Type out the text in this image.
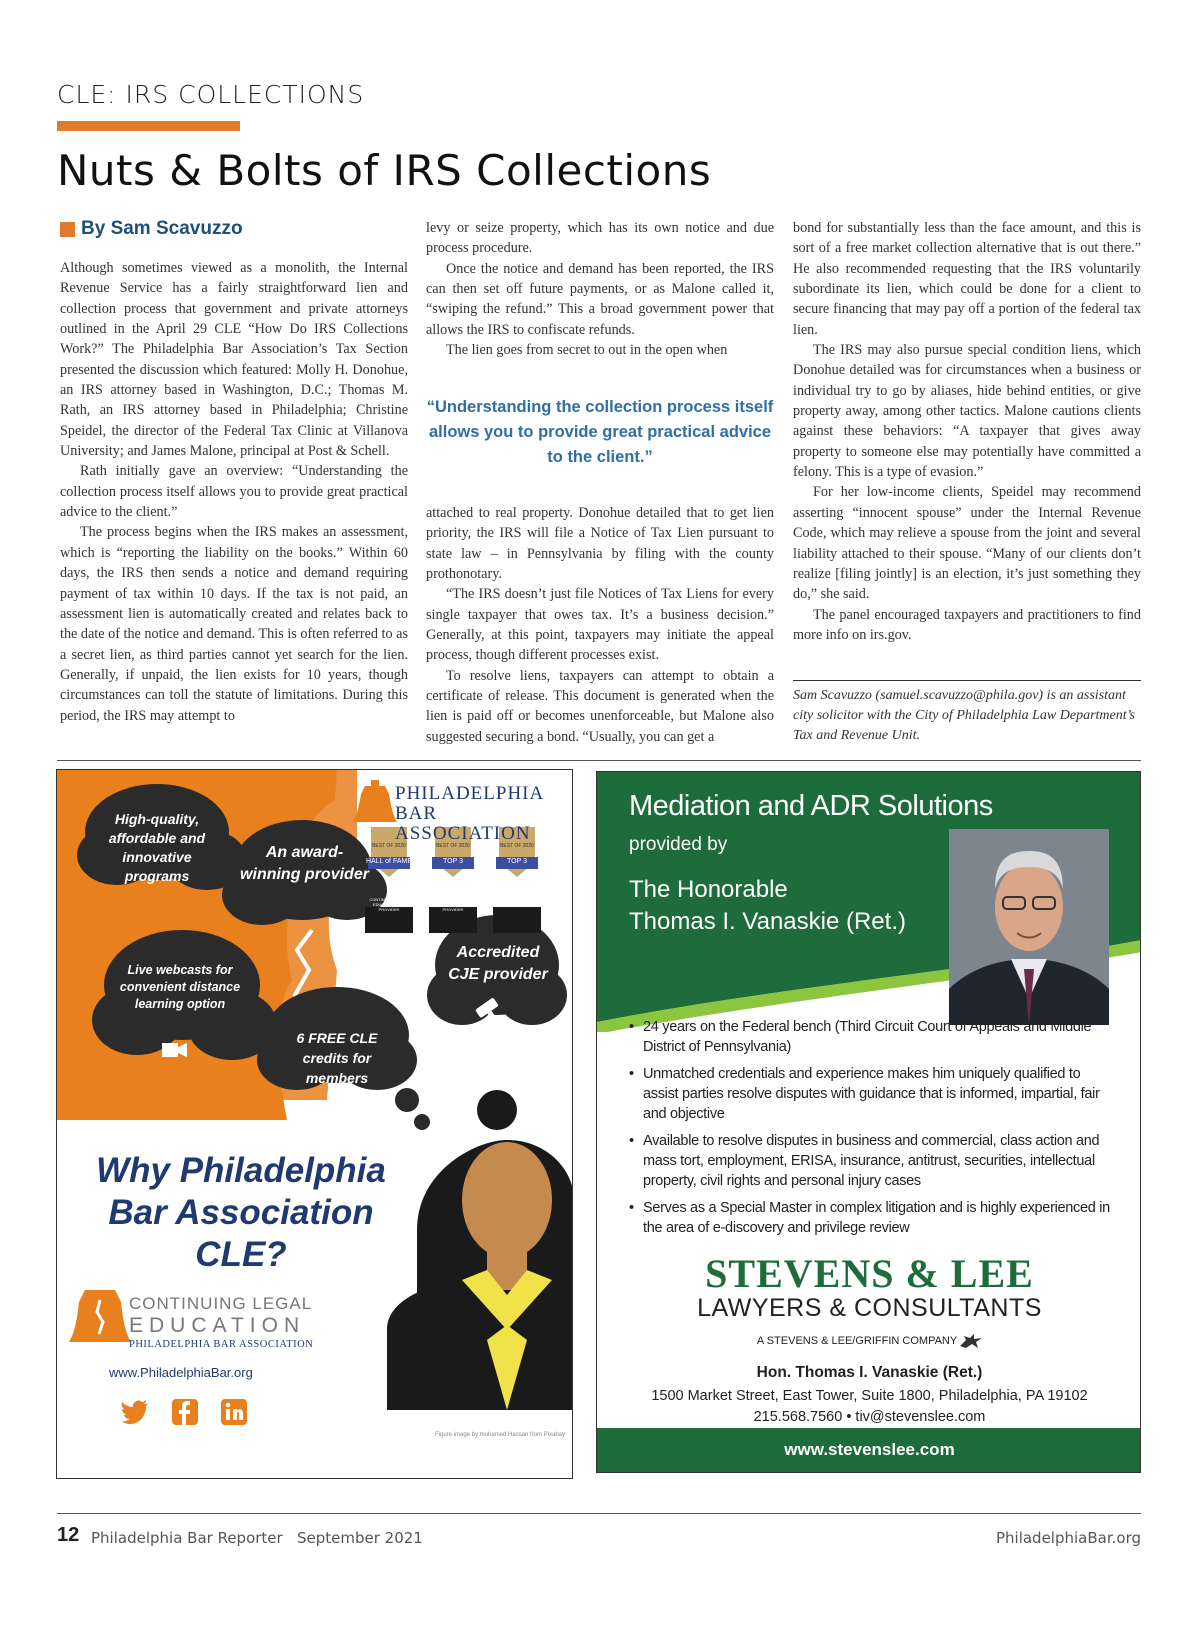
CLE: IRS COLLECTIONS
Nuts & Bolts of IRS Collections
By Sam Scavuzzo

Although sometimes viewed as a monolith, the Internal Revenue Service has a fairly straightforward lien and collection process that government and private attorneys outlined in the April 29 CLE “How Do IRS Collections Work?” The Philadelphia Bar Association’s Tax Section presented the discussion which featured: Molly H. Donohue, an IRS attorney based in Washington, D.C.; Thomas M. Rath, an IRS attorney based in Philadelphia; Christine Speidel, the director of the Federal Tax Clinic at Villanova University; and James Malone, principal at Post & Schell.

Rath initially gave an overview: “Understanding the collection process itself allows you to provide great practical advice to the client.”

The process begins when the IRS makes an assessment, which is “reporting the liability on the books.” Within 60 days, the IRS then sends a notice and demand requiring payment of tax within 10 days. If the tax is not paid, an assessment lien is automatically created and relates back to the date of the notice and demand. This is often referred to as a secret lien, as third parties cannot yet search for the lien. Generally, if unpaid, the lien exists for 10 years, though circumstances can toll the statute of limitations. During this period, the IRS may attempt to

levy or seize property, which has its own notice and due process procedure.

Once the notice and demand has been reported, the IRS can then set off future payments, or as Malone called it, “swiping the refund.” This a broad government power that allows the IRS to confiscate refunds.

The lien goes from secret to out in the open when

“Understanding the collection process itself allows you to provide great practical advice to the client.”

attached to real property. Donohue detailed that to get lien priority, the IRS will file a Notice of Tax Lien pursuant to state law – in Pennsylvania by filing with the county prothonotary.

“The IRS doesn’t just file Notices of Tax Liens for every single taxpayer that owes tax. It’s a business decision.” Generally, at this point, taxpayers may initiate the appeal process, though different processes exist.

To resolve liens, taxpayers can attempt to obtain a certificate of release. This document is generated when the lien is paid off or becomes unenforceable, but Malone also suggested securing a bond. “Usually, you can get a

bond for substantially less than the face amount, and this is sort of a free market collection alternative that is out there.” He also recommended requesting that the IRS voluntarily subordinate its lien, which could be done for a client to secure financing that may pay off a portion of the federal tax lien.

The IRS may also pursue special condition liens, which Donohue detailed was for circumstances when a business or individual try to go by aliases, hide behind entities, or give property away, among other tactics. Malone cautions clients against these behaviors: “A taxpayer that gives away property to someone else may potentially have committed a felony. This is a type of evasion.”

For her low-income clients, Speidel may recommend asserting “innocent spouse” under the Internal Revenue Code, which may relieve a spouse from the joint and several liability attached to their spouse. “Many of our clients don’t realize [filing jointly] is an election, it’s just something they do,” she said.

The panel encouraged taxpayers and practitioners to find more info on irs.gov.

Sam Scavuzzo (samuel.scavuzzo@phila.gov) is an assistant city solicitor with the City of Philadelphia Law Department’s Tax and Revenue Unit.
PHILADELPHIA
BAR ASSOCIATION
BEST OF 2020
HALL of FAME
CONTINUING LEGAL EDUCATION CLE PROVIDER
BEST OF 2020
TOP 3
CONTINUING LEGAL EDUCATION CLE PROVIDER
BEST OF 2020
TOP 3
ONLINE CLE PROGRAM
High-quality, affordable and innovative programs
An award-winning provider
Accredited CJE provider
Live webcasts for convenient distance learning option
6 FREE CLE credits for members
Why Philadelphia Bar Association CLE?
CONTINUING LEGAL
EDUCATION
PHILADELPHIA BAR ASSOCIATION
www.PhiladelphiaBar.org
Figure image by mohamed Hassan from Pixabay
Mediation and ADR Solutions
provided by
The Honorable
Thomas I. Vanaskie (Ret.)
• 24 years on the Federal bench (Third Circuit Court of Appeals and Middle District of Pennsylvania)
• Unmatched credentials and experience makes him uniquely qualified to assist parties resolve disputes with guidance that is informed, impartial, fair and objective
• Available to resolve disputes in business and commercial, class action and mass tort, employment, ERISA, insurance, antitrust, securities, intellectual property, civil rights and personal injury cases
• Serves as a Special Master in complex litigation and is highly experienced in the area of e-discovery and privilege review
STEVENS & LEE
LAWYERS & CONSULTANTS
A STEVENS & LEE/GRIFFIN COMPANY
Hon. Thomas I. Vanaskie (Ret.)
1500 Market Street, East Tower, Suite 1800, Philadelphia, PA 19102
215.568.7560 • tiv@stevenslee.com
www.stevenslee.com
12 Philadelphia Bar Reporter   September 2021	PhiladelphiaBar.org
